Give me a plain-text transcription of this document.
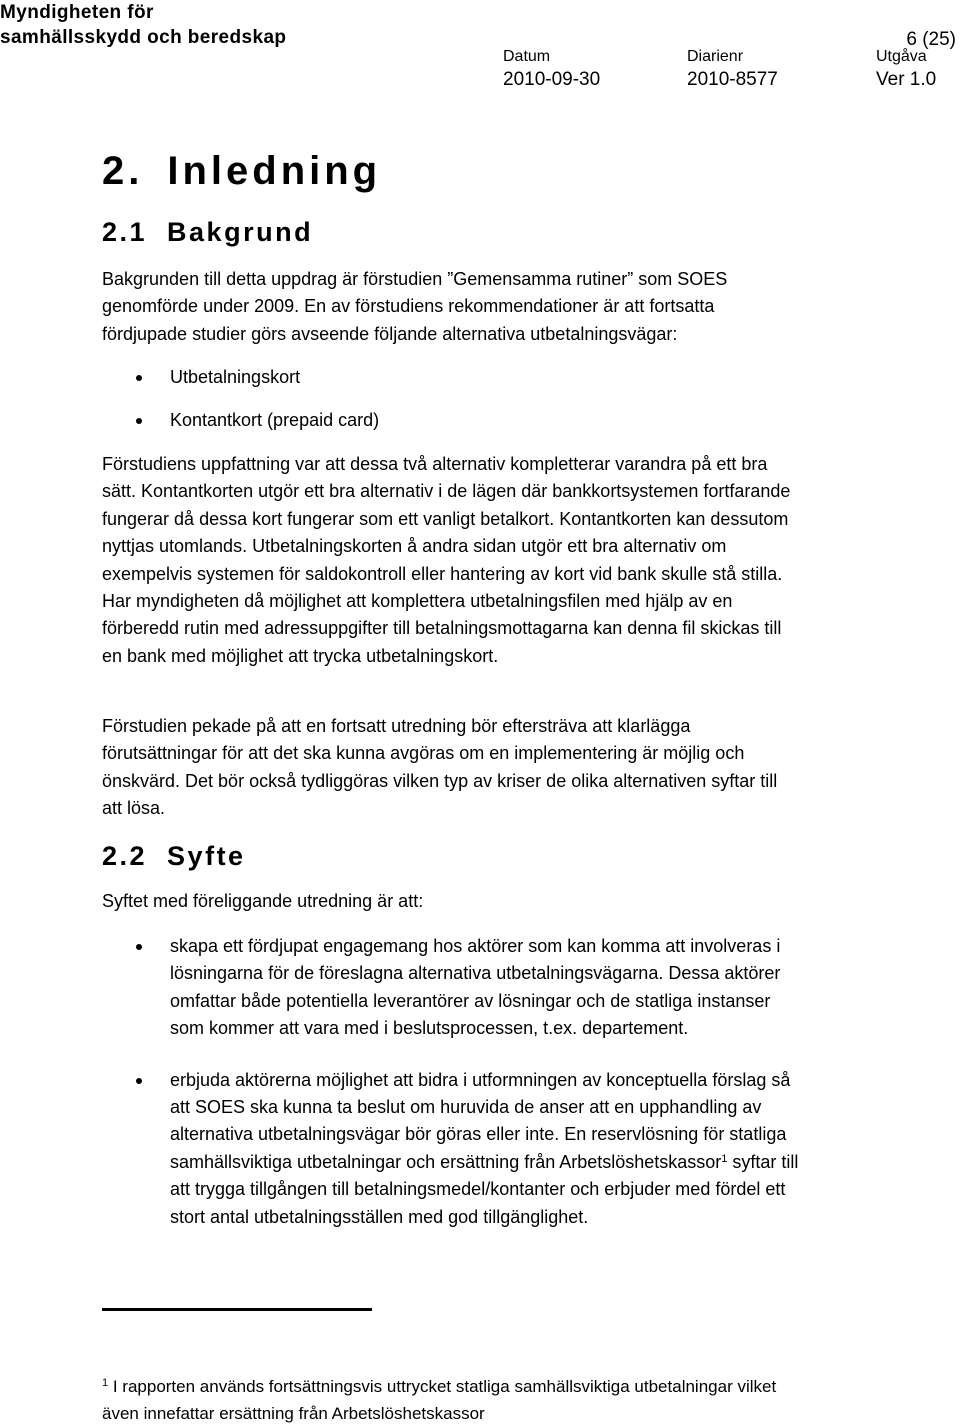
Myndigheten för
samhällsskydd och beredskap	6 (25)
Datum
2010-09-30
Diarienr
2010-8577
Utgåva
Ver 1.0
2. Inledning
2.1 Bakgrund

Bakgrunden till detta uppdrag är förstudien ”Gemensamma rutiner” som SOES genomförde under 2009. En av förstudiens rekommendationer är att fortsatta fördjupade studier görs avseende följande alternativa utbetalningsvägar:

Utbetalningskort
Kontantkort (prepaid card)

Förstudiens uppfattning var att dessa två alternativ kompletterar varandra på ett bra sätt. Kontantkorten utgör ett bra alternativ i de lägen där bankkortsystemen fortfarande fungerar då dessa kort fungerar som ett vanligt betalkort. Kontantkorten kan dessutom nyttjas utomlands. Utbetalningskorten å andra sidan utgör ett bra alternativ om exempelvis systemen för saldokontroll eller hantering av kort vid bank skulle stå stilla. Har myndigheten då möjlighet att komplettera utbetalningsfilen med hjälp av en förberedd rutin med adressuppgifter till betalningsmottagarna kan denna fil skickas till en bank med möjlighet att trycka utbetalningskort.

Förstudien pekade på att en fortsatt utredning bör eftersträva att klarlägga förutsättningar för att det ska kunna avgöras om en implementering är möjlig och önskvärd. Det bör också tydliggöras vilken typ av kriser de olika alternativen syftar till att lösa.

2.2 Syfte

Syftet med föreliggande utredning är att:

skapa ett fördjupat engagemang hos aktörer som kan komma att involveras i lösningarna för de föreslagna alternativa utbetalningsvägarna. Dessa aktörer omfattar både potentiella leverantörer av lösningar och de statliga instanser som kommer att vara med i beslutsprocessen, t.ex. departement.
erbjuda aktörerna möjlighet att bidra i utformningen av konceptuella förslag så att SOES ska kunna ta beslut om huruvida de anser att en upphandling av alternativa utbetalningsvägar bör göras eller inte. En reservlösning för statliga samhällsviktiga utbetalningar och ersättning från Arbetslöshetskassor$^1$ syftar till att trygga tillgången till betalningsmedel/kontanter och erbjuder med fördel ett stort antal utbetalningsställen med god tillgänglighet.

$^1$ I rapporten används fortsättningsvis uttrycket statliga samhällsviktiga utbetalningar vilket även innefattar ersättning från Arbetslöshetskassor
